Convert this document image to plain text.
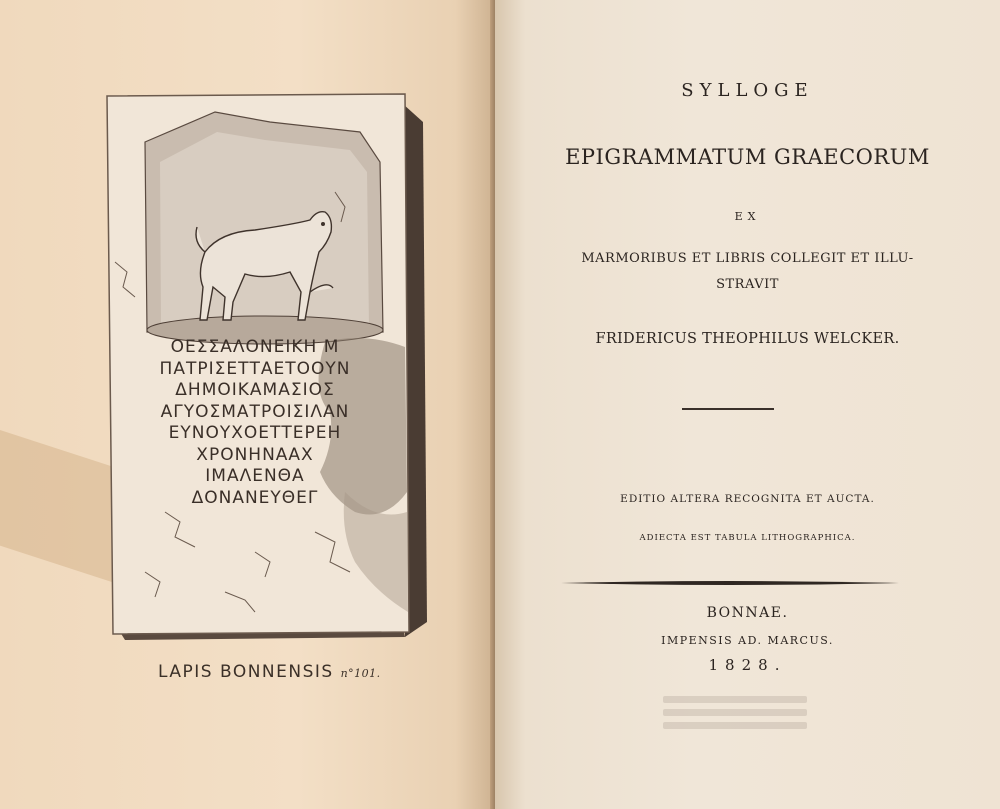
ΟΕΣΣΑΛΟΝΕΙΚΗ Μ
ΠΑΤΡΙΣΕΤΤΑΕΤΟΟΥΝ
ΔΗΜΟΙΚΑΜΑΣΙΟΣ
ΑΓΥΟΣΜΑΤΡΟΙΣΙΛΑΝ
ΕΥΝΟΥΧΟΕΤΤΕΡΕΗ
ΧΡΟΝΗΝΑΑΧ
ΙΜΑΛΕΝΘΑ
ΔΟΝΑΝΕΥΘΕΓ
LAPIS BONNENSIS n°101.
SYLLOGE
EPIGRAMMATUM GRAECORUM
EX
MARMORIBUS ET LIBRIS COLLEGIT ET ILLU-
STRAVIT
FRIDERICUS THEOPHILUS WELCKER.
EDITIO ALTERA RECOGNITA ET AUCTA.
ADIECTA EST TABULA LITHOGRAPHICA.
BONNAE.
IMPENSIS AD. MARCUS.
1828.
